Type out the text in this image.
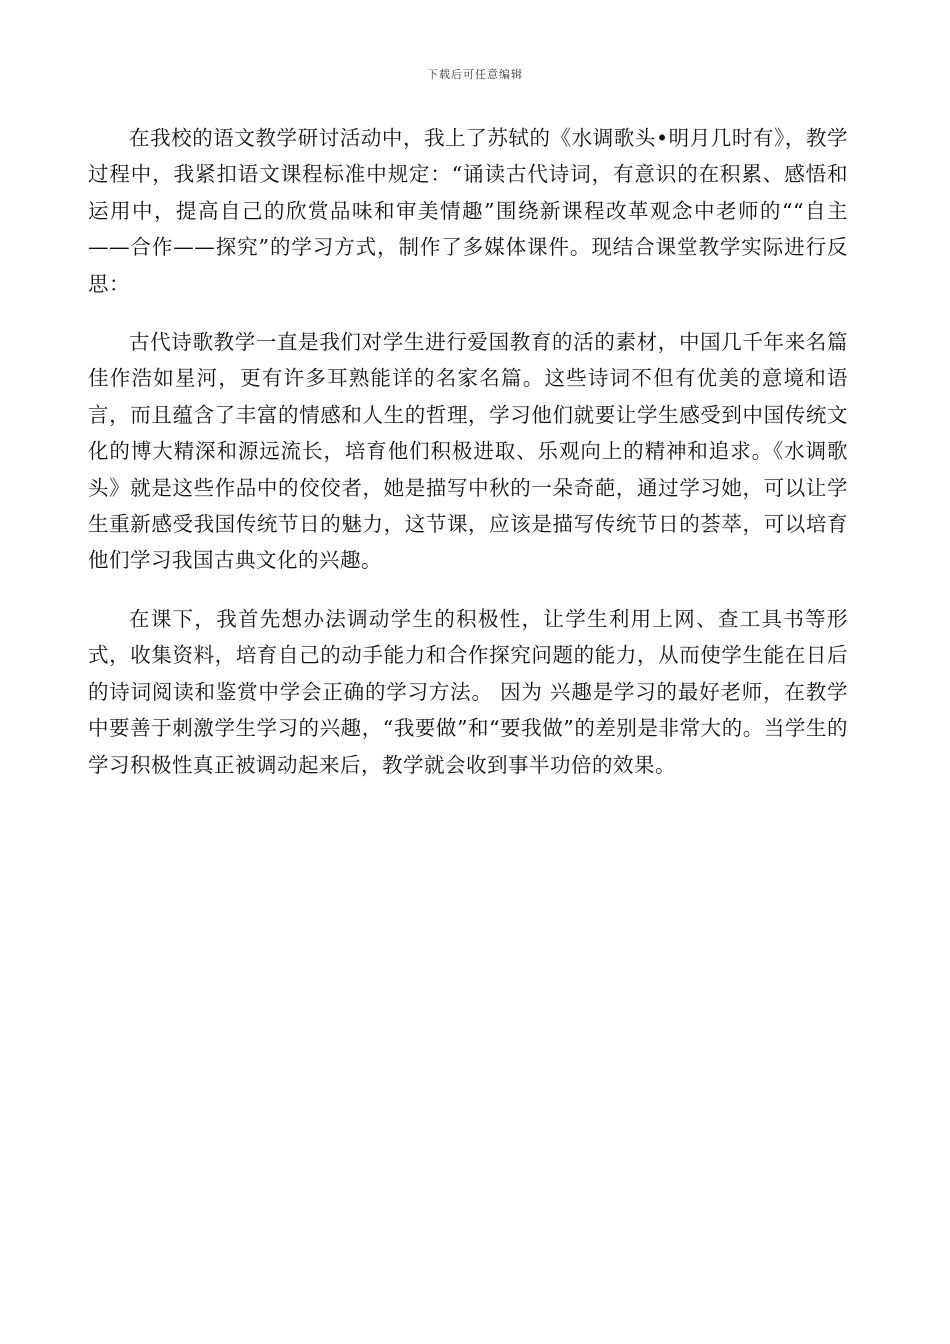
下载后可任意编辑

在我校的语文教学研讨活动中，我上了苏轼的《水调歌头•明月几时有》，教学过程中，我紧扣语文课程标准中规定：“诵读古代诗词，有意识的在积累、感悟和运用中，提高自己的欣赏品味和审美情趣”围绕新课程改革观念中老师的““自主——合作——探究”的学习方式，制作了多媒体课件。现结合课堂教学实际进行反思：

古代诗歌教学一直是我们对学生进行爱国教育的活的素材，中国几千年来名篇佳作浩如星河，更有许多耳熟能详的名家名篇。这些诗词不但有优美的意境和语言，而且蕴含了丰富的情感和人生的哲理，学习他们就要让学生感受到中国传统文化的博大精深和源远流长，培育他们积极进取、乐观向上的精神和追求。《水调歌头》就是这些作品中的佼佼者，她是描写中秋的一朵奇葩，通过学习她，可以让学生重新感受我国传统节日的魅力，这节课，应该是描写传统节日的荟萃，可以培育他们学习我国古典文化的兴趣。

在课下，我首先想办法调动学生的积极性，让学生利用上网、查工具书等形式，收集资料，培育自己的动手能力和合作探究问题的能力，从而使学生能在日后的诗词阅读和鉴赏中学会正确的学习方法。 因为 兴趣是学习的最好老师，在教学中要善于刺激学生学习的兴趣，“我要做”和“要我做”的差别是非常大的。当学生的学习积极性真正被调动起来后，教学就会收到事半功倍的效果。
